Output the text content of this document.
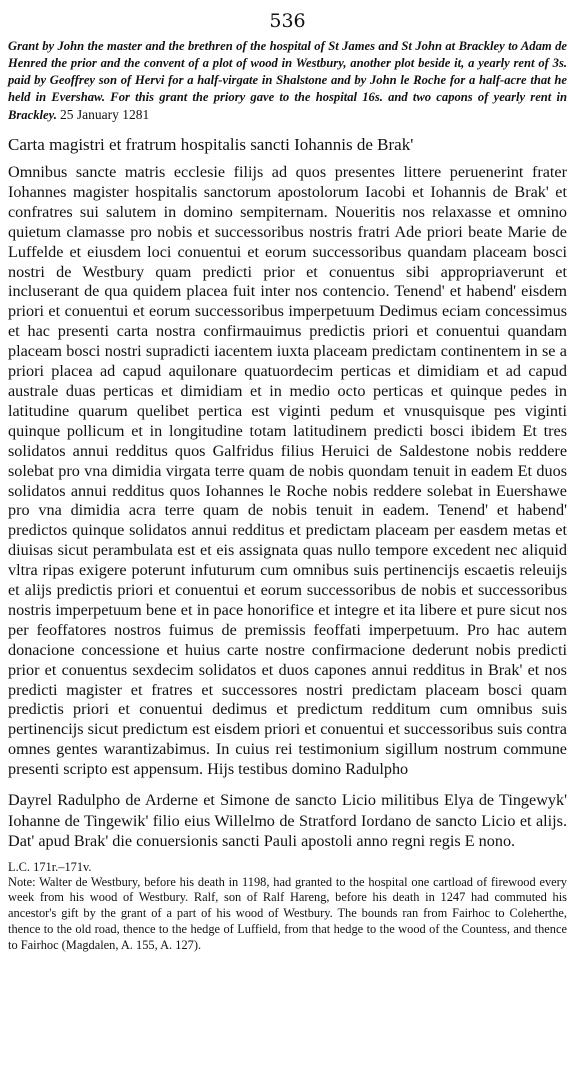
536

Grant by John the master and the brethren of the hospital of St James and St John at Brackley to Adam de Henred the prior and the convent of a plot of wood in Westbury, another plot beside it, a yearly rent of 3s. paid by Geoffrey son of Hervi for a half-virgate in Shalstone and by John le Roche for a half-acre that he held in Evershaw. For this grant the priory gave to the hospital 16s. and two capons of yearly rent in Brackley. 25 January 1281

Carta magistri et fratrum hospitalis sancti Iohannis de Brak'

Omnibus sancte matris ecclesie filijs ad quos presentes littere peruenerint frater Iohannes magister hospitalis sanctorum apostolorum Iacobi et Iohannis de Brak' et confratres sui salutem in domino sempiternam. Noueritis nos relaxasse et omnino quietum clamasse pro nobis et successoribus nostris fratri Ade priori beate Marie de Luffelde et eiusdem loci conuentui et eorum successoribus quandam placeam bosci nostri de Westbury quam predicti prior et conuentus sibi appropriaverunt et incluserant de qua quidem placea fuit inter nos contencio. Tenend' et habend' eisdem priori et conuentui et eorum successoribus imperpetuum Dedimus eciam concessimus et hac presenti carta nostra confirmauimus predictis priori et conuentui quandam placeam bosci nostri supradicti iacentem iuxta placeam predictam continentem in se a priori placea ad capud aquilonare quatuordecim perticas et dimidiam et ad capud australe duas perticas et dimidiam et in medio octo perticas et quinque pedes in latitudine quarum quelibet pertica est viginti pedum et vnusquisque pes viginti quinque pollicum et in longitudine totam latitudinem predicti bosci ibidem Et tres solidatos annui redditus quos Galfridus filius Heruici de Saldestone nobis reddere solebat pro vna dimidia virgata terre quam de nobis quondam tenuit in eadem Et duos solidatos annui redditus quos Iohannes le Roche nobis reddere solebat in Euershawe pro vna dimidia acra terre quam de nobis tenuit in eadem. Tenend' et habend' predictos quinque solidatos annui redditus et predictam placeam per easdem metas et diuisas sicut perambulata est et eis assignata quas nullo tempore excedent nec aliquid vltra ripas exigere poterunt infuturum cum omnibus suis pertinencijs escaetis releuijs et alijs predictis priori et conuentui et eorum successoribus de nobis et successoribus nostris imperpetuum bene et in pace honorifice et integre et ita libere et pure sicut nos per feoffatores nostros fuimus de premissis feoffati imperpetuum. Pro hac autem donacione concessione et huius carte nostre confirmacione dederunt nobis predicti prior et conuentus sexdecim solidatos et duos capones annui redditus in Brak' et nos predicti magister et fratres et successores nostri predictam placeam bosci quam predictis priori et conuentui dedimus et predictum redditum cum omnibus suis pertinencijs sicut predictum est eisdem priori et conuentui et successoribus suis contra omnes gentes warantizabimus. In cuius rei testimonium sigillum nostrum commune presenti scripto est appensum. Hijs testibus domino Radulpho

Dayrel Radulpho de Arderne et Simone de sancto Licio militibus Elya de Tingewyk' Iohanne de Tingewik' filio eius Willelmo de Stratford Iordano de sancto Licio et alijs. Dat' apud Brak' die conuersionis sancti Pauli apostoli anno regni regis E nono.

L.C. 171r.–171v.

Note: Walter de Westbury, before his death in 1198, had granted to the hospital one cartload of firewood every week from his wood of Westbury. Ralf, son of Ralf Hareng, before his death in 1247 had commuted his ancestor's gift by the grant of a part of his wood of Westbury. The bounds ran from Fairhoc to Coleherthe, thence to the old road, thence to the hedge of Luffield, from that hedge to the wood of the Countess, and thence to Fairhoc (Magdalen, A. 155, A. 127).
